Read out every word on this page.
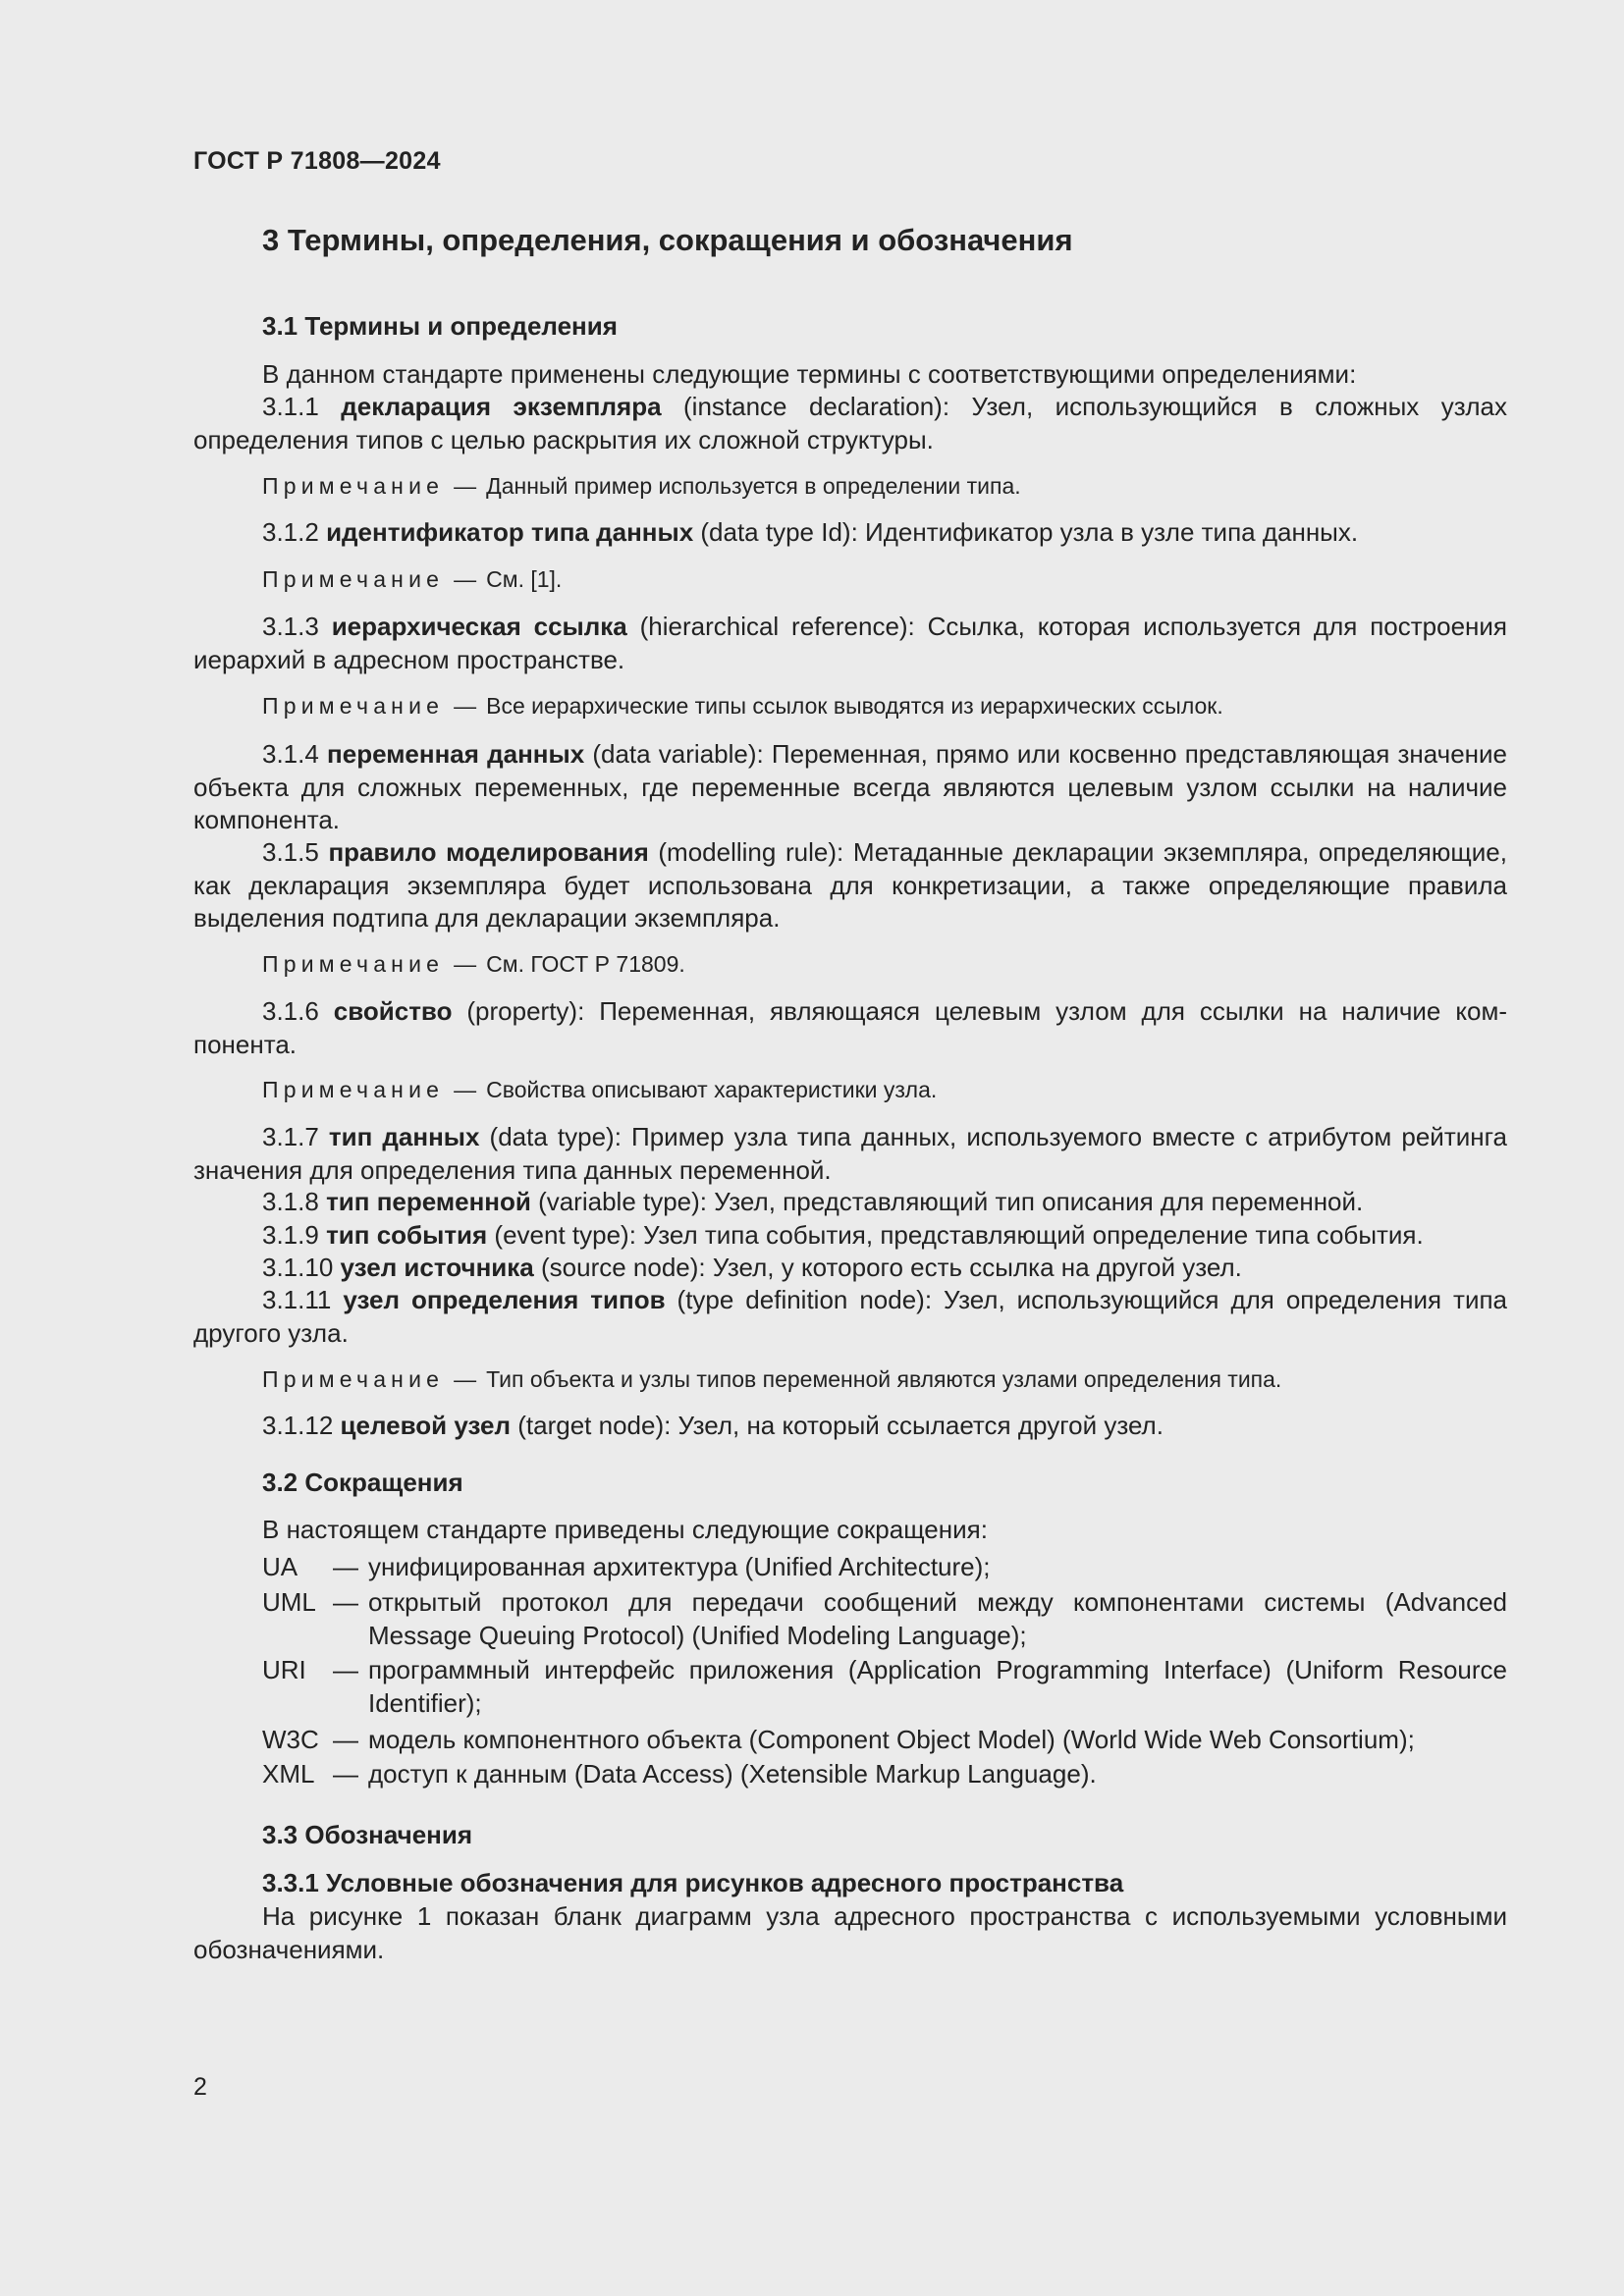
ГОСТ Р 71808—2024
3 Термины, определения, сокращения и обозначения
3.1 Термины и определения
В данном стандарте применены следующие термины с соответствующими определениями:
3.1.1 декларация экземпляра (instance declaration): Узел, использующийся в сложных узлах определения типов с целью раскрытия их сложной структуры.
Примечание — Данный пример используется в определении типа.
3.1.2 идентификатор типа данных (data type Id): Идентификатор узла в узле типа данных.
Примечание — См. [1].
3.1.3 иерархическая ссылка (hierarchical reference): Ссылка, которая используется для построения иерархий в адресном пространстве.
Примечание — Все иерархические типы ссылок выводятся из иерархических ссылок.
3.1.4 переменная данных (data variable): Переменная, прямо или косвенно представляющая значение объекта для сложных переменных, где переменные всегда являются целевым узлом ссылки на наличие компонента.
3.1.5 правило моделирования (modelling rule): Метаданные декларации экземпляра, определяющие, как декларация экземпляра будет использована для конкретизации, а также определяющие правила выделения подтипа для декларации экземпляра.
Примечание — См. ГОСТ Р 71809.
3.1.6 свойство (property): Переменная, являющаяся целевым узлом для ссылки на наличие компонента.
Примечание — Свойства описывают характеристики узла.
3.1.7 тип данных (data type): Пример узла типа данных, используемого вместе с атрибутом рейтинга значения для определения типа данных переменной.
3.1.8 тип переменной (variable type): Узел, представляющий тип описания для переменной.
3.1.9 тип события (event type): Узел типа события, представляющий определение типа события.
3.1.10 узел источника (source node): Узел, у которого есть ссылка на другой узел.
3.1.11 узел определения типов (type definition node): Узел, использующийся для определения типа другого узла.
Примечание — Тип объекта и узлы типов переменной являются узлами определения типа.
3.1.12 целевой узел (target node): Узел, на который ссылается другой узел.
3.2 Сокращения
В настоящем стандарте приведены следующие сокращения:
UA	— унифицированная архитектура (Unified Architecture);
UML — открытый протокол для передачи сообщений между компонентами системы (Advanced Message Queuing Protocol) (Unified Modeling Language);
URI	— программный интерфейс приложения (Application Programming Interface) (Uniform Resource Identifier);
W3C — модель компонентного объекта (Component Object Model) (World Wide Web Consortium);
XML — доступ к данным (Data Access) (Xetensible Markup Language).
3.3 Обозначения
3.3.1 Условные обозначения для рисунков адресного пространства
На рисунке 1 показан бланк диаграмм узла адресного пространства с используемыми условными обозначениями.
2
